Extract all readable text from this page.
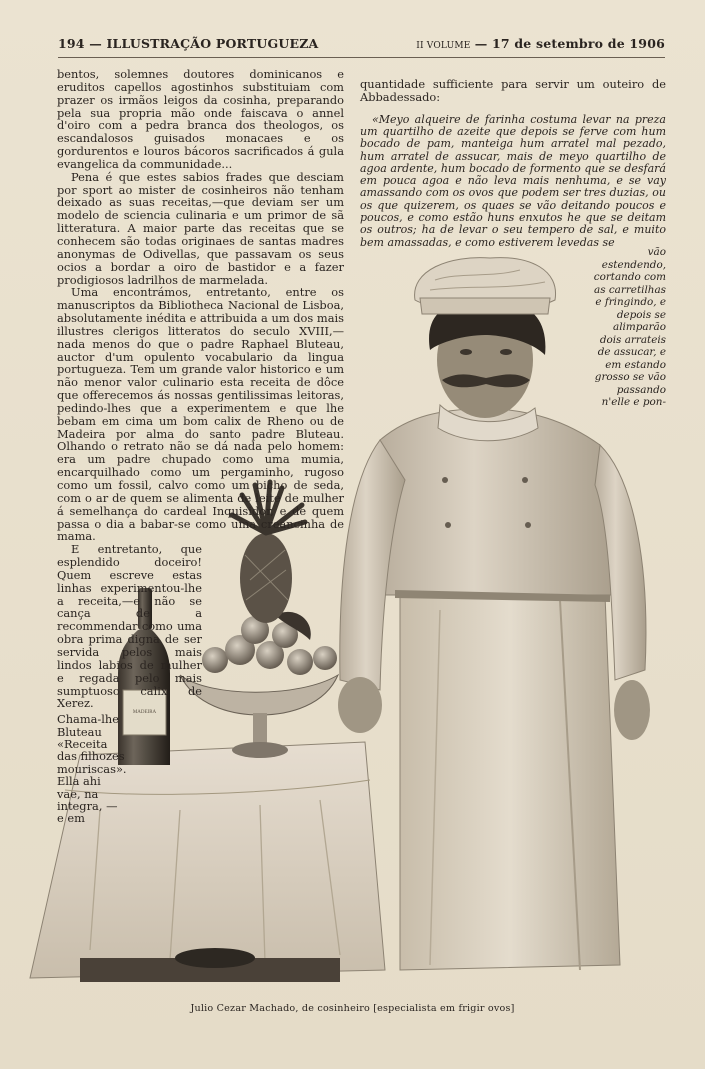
194 — ILLUSTRAÇÃO PORTUGUEZA	II VOLUME — 17 de setembro de 1906
MADEIRA

bentos, solemnes doutores dominicanos e eruditos capellos agostinhos substituiam com prazer os irmãos leigos da cosinha, preparando pela sua propria mão onde faiscava o annel d'oiro com a pedra branca dos theologos, os escandalosos guisados monacaes e os gordurentos e louros bácoros sacrificados á gula evangelica da communidade...

Pena é que estes sabios frades que desciam por sport ao mister de cosinheiros não tenham deixado as suas receitas,—que deviam ser um modelo de sciencia culinaria e um primor de sã litteratura. A maior parte das receitas que se conhecem são todas originaes de santas madres anonymas de Odivellas, que passavam os seus ocios a bordar a oiro de bastidor e a fazer prodigiosos ladrilhos de marmelada.

Uma encontrámos, entretanto, entre os manuscriptos da Bibliotheca Nacional de Lisboa, absolutamente inédita e attribuida a um dos mais illustres clerigos litteratos do seculo XVIII,—nada menos do que o padre Raphael Bluteau, auctor d'um opulento vocabulario da lingua portugueza. Tem um grande valor historico e um não menor valor culinario esta receita de dôce que offerecemos ás nossas gentilissimas leitoras, pedindo-lhes que a experimentem e que lhe bebam em cima um bom calix de Rheno ou de Madeira por alma do santo padre Bluteau. Olhando o retrato não se dá nada pelo homem: era um padre chupado como uma mumia, encarquilhado como um pergaminho, rugoso como um fossil, calvo como um bicho de seda, com o ar de quem se alimenta de leite de mulher á semelhança do cardeal Inquisidor, e de quem passa o dia a babar-se como uma creancinha de mama.

E entretanto, que esplendido doceiro! Quem escreve estas linhas experimentou-lhe a receita,—e não se cança de a recommendar como uma obra prima digna de ser servida pelos mais lindos labios de mulher e regada pelo mais sumptuoso calix de Xerez.

Chama-lhe Bluteau «Receita das filhozes mouriscas». Ella ahi vae, na integra, — e em

quantidade sufficiente para servir um outeiro de Abbadessado:

«Meyo alqueire de farinha costuma levar na preza um quartilho de azeite que depois se ferve com hum bocado de pam, manteiga hum arratel mal pezado, hum arratel de assucar, mais de meyo quartilho de agoa ardente, hum bocado de formento que se desfará em pouca agoa e não leva mais nenhuma, e se vay amassando com os ovos que podem ser tres duzias, ou os que quizerem, os quaes se vão deitando poucos e poucos, e como estão huns enxutos he que se deitam os outros; ha de levar o seu tempero de sal, e muito bem amassadas, e como estiverem levedas se

vão estendendo, cortando com as carretilhas e fringindo, e depois se alimparão dois arrateis de assucar, e em estando grosso se vão passando n'elle e pon-

Julio Cezar Machado, de cosinheiro [especialista em frigir ovos]
